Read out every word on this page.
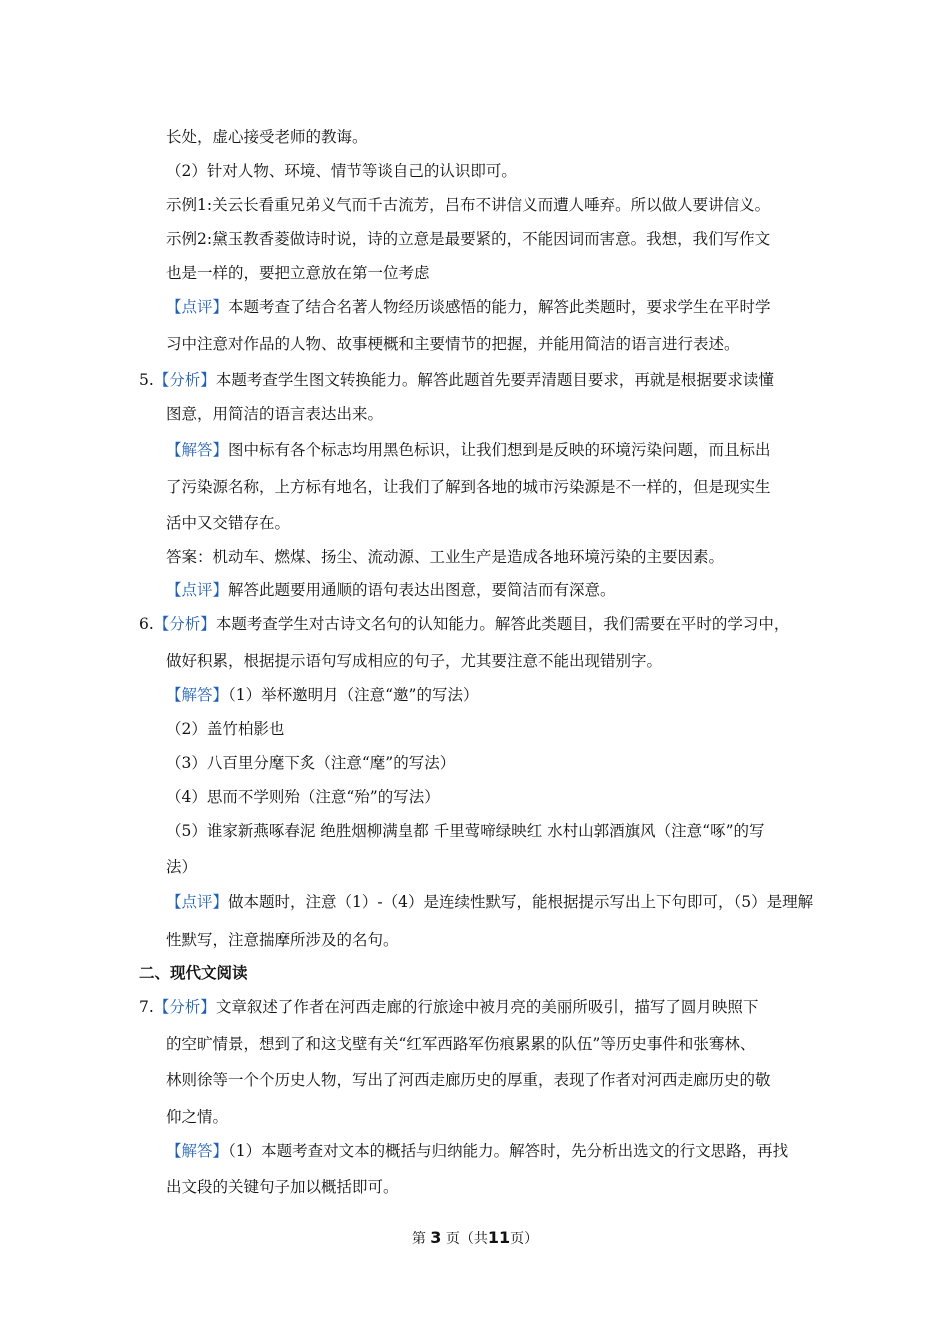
长处，虚心接受老师的教诲。
（2）针对人物、环境、情节等谈自己的认识即可。
示例1:关云长看重兄弟义气而千古流芳，吕布不讲信义而遭人唾弃。所以做人要讲信义。
示例2:黛玉教香菱做诗时说，诗的立意是最要紧的，不能因词而害意。我想，我们写作文
也是一样的，要把立意放在第一位考虑
【点评】本题考查了结合名著人物经历谈感悟的能力，解答此类题时，要求学生在平时学
习中注意对作品的人物、故事梗概和主要情节的把握，并能用简洁的语言进行表述。
5.【分析】本题考查学生图文转换能力。解答此题首先要弄清题目要求，再就是根据要求读懂
图意，用简洁的语言表达出来。
【解答】图中标有各个标志均用黑色标识，让我们想到是反映的环境污染问题，而且标出
了污染源名称，上方标有地名，让我们了解到各地的城市污染源是不一样的，但是现实生
活中又交错存在。
答案：机动车、燃煤、扬尘、流动源、工业生产是造成各地环境污染的主要因素。
【点评】解答此题要用通顺的语句表达出图意，要简洁而有深意。
6.【分析】本题考查学生对古诗文名句的认知能力。解答此类题目，我们需要在平时的学习中，
做好积累，根据提示语句写成相应的句子，尤其要注意不能出现错别字。
【解答】（1）举杯邀明月（注意“邀”的写法）
（2）盖竹柏影也
（3）八百里分麾下炙（注意“麾”的写法）
（4）思而不学则殆（注意“殆”的写法）
（5）谁家新燕啄春泥 绝胜烟柳满皇都 千里莺啼绿映红 水村山郭酒旗风（注意“啄”的写
法）
【点评】做本题时，注意（1）-（4）是连续性默写，能根据提示写出上下句即可，（5）是理解
性默写，注意揣摩所涉及的名句。
二、现代文阅读
7.【分析】文章叙述了作者在河西走廊的行旅途中被月亮的美丽所吸引，描写了圆月映照下
的空旷情景，想到了和这戈壁有关“红军西路军伤痕累累的队伍”等历史事件和张骞林、
林则徐等一个个历史人物，写出了河西走廊历史的厚重，表现了作者对河西走廊历史的敬
仰之情。
【解答】（1）本题考查对文本的概括与归纳能力。解答时，先分析出选文的行文思路，再找
出文段的关键句子加以概括即可。
第 3 页（共11页）
